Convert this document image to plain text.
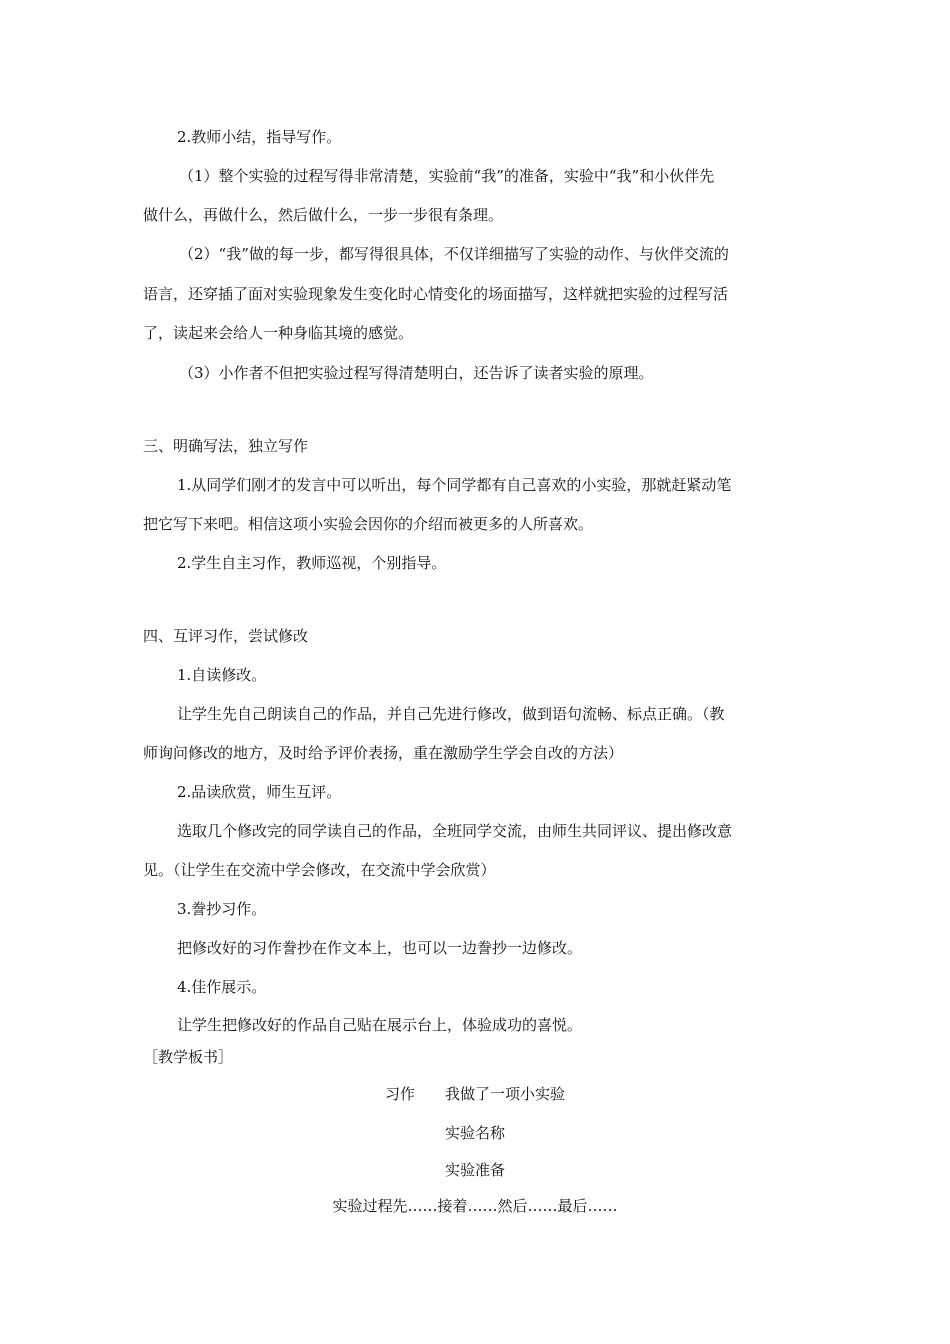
2.教师小结，指导写作。
（1）整个实验的过程写得非常清楚，实验前“我”的准备，实验中“我”和小伙伴先
做什么，再做什么，然后做什么，一步一步很有条理。
（2）“我”做的每一步，都写得很具体，不仅详细描写了实验的动作、与伙伴交流的
语言，还穿插了面对实验现象发生变化时心情变化的场面描写，这样就把实验的过程写活
了，读起来会给人一种身临其境的感觉。
（3）小作者不但把实验过程写得清楚明白，还告诉了读者实验的原理。
三、明确写法，独立写作
1.从同学们刚才的发言中可以听出，每个同学都有自己喜欢的小实验，那就赶紧动笔
把它写下来吧。相信这项小实验会因你的介绍而被更多的人所喜欢。
2.学生自主习作，教师巡视，个别指导。
四、互评习作，尝试修改
1.自读修改。
让学生先自己朗读自己的作品，并自己先进行修改，做到语句流畅、标点正确。（教
师询问修改的地方，及时给予评价表扬，重在激励学生学会自改的方法）
2.品读欣赏，师生互评。
选取几个修改完的同学读自己的作品，全班同学交流，由师生共同评议、提出修改意
见。（让学生在交流中学会修改，在交流中学会欣赏）
3.誊抄习作。
把修改好的习作誊抄在作文本上，也可以一边誊抄一边修改。
4.佳作展示。
让学生把修改好的作品自己贴在展示台上，体验成功的喜悦。
［教学板书］
习作　　我做了一项小实验
实验名称
实验准备
实验过程先……接着……然后……最后……
